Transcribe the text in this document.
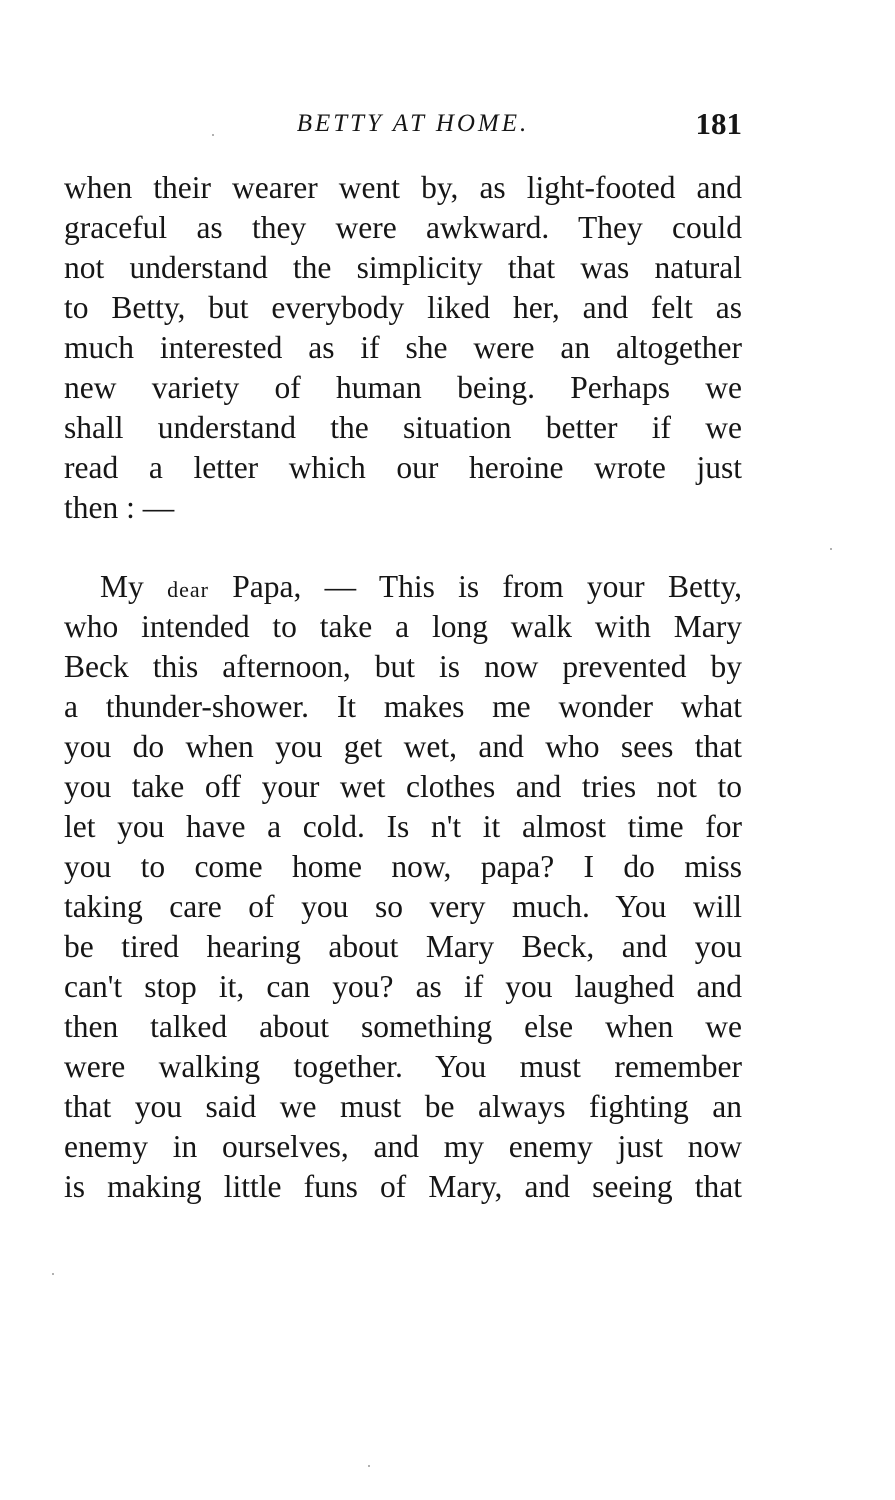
BETTY AT HOME.	181
when their wearer went by, as light-footed and
graceful as they were awkward. They could
not understand the simplicity that was natural
to Betty, but everybody liked her, and felt as
much interested as if she were an altogether
new variety of human being. Perhaps we
shall understand the situation better if we
read a letter which our heroine wrote just
then : —
My dear Papa, — This is from your Betty,
who intended to take a long walk with Mary
Beck this afternoon, but is now prevented by
a thunder-shower. It makes me wonder what
you do when you get wet, and who sees that
you take off your wet clothes and tries not to
let you have a cold. Is n't it almost time for
you to come home now, papa? I do miss
taking care of you so very much. You will
be tired hearing about Mary Beck, and you
can't stop it, can you? as if you laughed and
then talked about something else when we
were walking together. You must remember
that you said we must be always fighting an
enemy in ourselves, and my enemy just now
is making little funs of Mary, and seeing that
